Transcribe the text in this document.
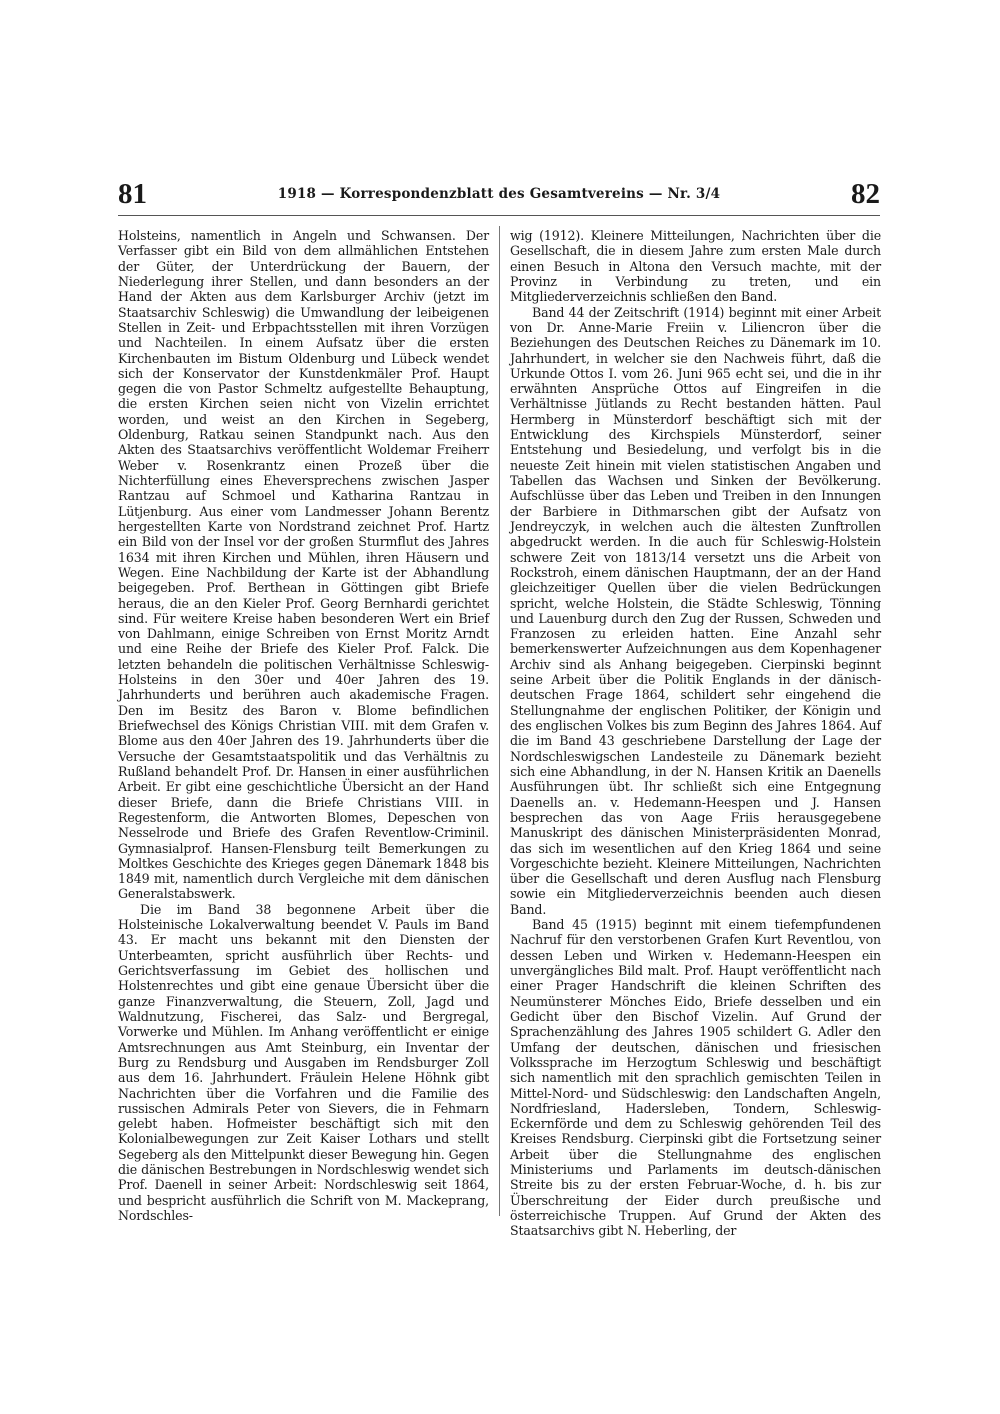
81	1918 — Korrespondenzblatt des Gesamtvereins — Nr. 3/4	82

Holsteins, namentlich in Angeln und Schwansen. Der Verfasser gibt ein Bild von dem allmählichen Entstehen der Güter, der Unterdrückung der Bauern, der Niederlegung ihrer Stellen, und dann besonders an der Hand der Akten aus dem Karlsburger Archiv (jetzt im Staatsarchiv Schleswig) die Umwandlung der leibeigenen Stellen in Zeit- und Erbpachtsstellen mit ihren Vorzügen und Nachteilen. In einem Aufsatz über die ersten Kirchenbauten im Bistum Oldenburg und Lübeck wendet sich der Konservator der Kunstdenkmäler Prof. Haupt gegen die von Pastor Schmeltz aufgestellte Behauptung, die ersten Kirchen seien nicht von Vizelin errichtet worden, und weist an den Kirchen in Segeberg, Oldenburg, Ratkau seinen Standpunkt nach. Aus den Akten des Staatsarchivs veröffentlicht Woldemar Freiherr Weber v. Rosenkrantz einen Prozeß über die Nichterfüllung eines Eheversprechens zwischen Jasper Rantzau auf Schmoel und Katharina Rantzau in Lütjenburg. Aus einer vom Landmesser Johann Berentz hergestellten Karte von Nordstrand zeichnet Prof. Hartz ein Bild von der Insel vor der großen Sturmflut des Jahres 1634 mit ihren Kirchen und Mühlen, ihren Häusern und Wegen. Eine Nachbildung der Karte ist der Abhandlung beigegeben. Prof. Berthean in Göttingen gibt Briefe heraus, die an den Kieler Prof. Georg Bernhardi gerichtet sind. Für weitere Kreise haben besonderen Wert ein Brief von Dahlmann, einige Schreiben von Ernst Moritz Arndt und eine Reihe der Briefe des Kieler Prof. Falck. Die letzten behandeln die politischen Verhältnisse Schleswig-Holsteins in den 30er und 40er Jahren des 19. Jahrhunderts und berühren auch akademische Fragen. Den im Besitz des Baron v. Blome befindlichen Briefwechsel des Königs Christian VIII. mit dem Grafen v. Blome aus den 40er Jahren des 19. Jahrhunderts über die Versuche der Gesamtstaatspolitik und das Verhältnis zu Rußland behandelt Prof. Dr. Hansen in einer ausführlichen Arbeit. Er gibt eine geschichtliche Übersicht an der Hand dieser Briefe, dann die Briefe Christians VIII. in Regestenform, die Antworten Blomes, Depeschen von Nesselrode und Briefe des Grafen Reventlow-Criminil. Gymnasialprof. Hansen-Flensburg teilt Bemerkungen zu Moltkes Geschichte des Krieges gegen Dänemark 1848 bis 1849 mit, namentlich durch Vergleiche mit dem dänischen Generalstabswerk.

Die im Band 38 begonnene Arbeit über die Holsteinische Lokalverwaltung beendet V. Pauls im Band 43. Er macht uns bekannt mit den Diensten der Unterbeamten, spricht ausführlich über Rechts- und Gerichtsverfassung im Gebiet des hollischen und Holstenrechtes und gibt eine genaue Übersicht über die ganze Finanzverwaltung, die Steuern, Zoll, Jagd und Waldnutzung, Fischerei, das Salz- und Bergregal, Vorwerke und Mühlen. Im Anhang veröffentlicht er einige Amtsrechnungen aus Amt Steinburg, ein Inventar der Burg zu Rendsburg und Ausgaben im Rendsburger Zoll aus dem 16. Jahrhundert. Fräulein Helene Höhnk gibt Nachrichten über die Vorfahren und die Familie des russischen Admirals Peter von Sievers, die in Fehmarn gelebt haben. Hofmeister beschäftigt sich mit den Kolonialbewegungen zur Zeit Kaiser Lothars und stellt Segeberg als den Mittelpunkt dieser Bewegung hin. Gegen die dänischen Bestrebungen in Nordschleswig wendet sich Prof. Daenell in seiner Arbeit: Nordschleswig seit 1864, und bespricht ausführlich die Schrift von M. Mackeprang, Nordschles-

wig (1912). Kleinere Mitteilungen, Nachrichten über die Gesellschaft, die in diesem Jahre zum ersten Male durch einen Besuch in Altona den Versuch machte, mit der Provinz in Verbindung zu treten, und ein Mitgliederverzeichnis schließen den Band.

Band 44 der Zeitschrift (1914) beginnt mit einer Arbeit von Dr. Anne-Marie Freiin v. Liliencron über die Beziehungen des Deutschen Reiches zu Dänemark im 10. Jahrhundert, in welcher sie den Nachweis führt, daß die Urkunde Ottos I. vom 26. Juni 965 echt sei, und die in ihr erwähnten Ansprüche Ottos auf Eingreifen in die Verhältnisse Jütlands zu Recht bestanden hätten. Paul Hermberg in Münsterdorf beschäftigt sich mit der Entwicklung des Kirchspiels Münsterdorf, seiner Entstehung und Besiedelung, und verfolgt bis in die neueste Zeit hinein mit vielen statistischen Angaben und Tabellen das Wachsen und Sinken der Bevölkerung. Aufschlüsse über das Leben und Treiben in den Innungen der Barbiere in Dithmarschen gibt der Aufsatz von Jendreyczyk, in welchen auch die ältesten Zunftrollen abgedruckt werden. In die auch für Schleswig-Holstein schwere Zeit von 1813/14 versetzt uns die Arbeit von Rockstroh, einem dänischen Hauptmann, der an der Hand gleichzeitiger Quellen über die vielen Bedrückungen spricht, welche Holstein, die Städte Schleswig, Tönning und Lauenburg durch den Zug der Russen, Schweden und Franzosen zu erleiden hatten. Eine Anzahl sehr bemerkenswerter Aufzeichnungen aus dem Kopenhagener Archiv sind als Anhang beigegeben. Cierpinski beginnt seine Arbeit über die Politik Englands in der dänisch-deutschen Frage 1864, schildert sehr eingehend die Stellungnahme der englischen Politiker, der Königin und des englischen Volkes bis zum Beginn des Jahres 1864. Auf die im Band 43 geschriebene Darstellung der Lage der Nordschleswigschen Landesteile zu Dänemark bezieht sich eine Abhandlung, in der N. Hansen Kritik an Daenells Ausführungen übt. Ihr schließt sich eine Entgegnung Daenells an. v. Hedemann-Heespen und J. Hansen besprechen das von Aage Friis herausgegebene Manuskript des dänischen Ministerpräsidenten Monrad, das sich im wesentlichen auf den Krieg 1864 und seine Vorgeschichte bezieht. Kleinere Mitteilungen, Nachrichten über die Gesellschaft und deren Ausflug nach Flensburg sowie ein Mitgliederverzeichnis beenden auch diesen Band.

Band 45 (1915) beginnt mit einem tiefempfundenen Nachruf für den verstorbenen Grafen Kurt Reventlou, von dessen Leben und Wirken v. Hedemann-Heespen ein unvergängliches Bild malt. Prof. Haupt veröffentlicht nach einer Prager Handschrift die kleinen Schriften des Neumünsterer Mönches Eido, Briefe desselben und ein Gedicht über den Bischof Vizelin. Auf Grund der Sprachenzählung des Jahres 1905 schildert G. Adler den Umfang der deutschen, dänischen und friesischen Volkssprache im Herzogtum Schleswig und beschäftigt sich namentlich mit den sprachlich gemischten Teilen in Mittel-Nord- und Südschleswig: den Landschaften Angeln, Nordfriesland, Hadersleben, Tondern, Schleswig-Eckernförde und dem zu Schleswig gehörenden Teil des Kreises Rendsburg. Cierpinski gibt die Fortsetzung seiner Arbeit über die Stellungnahme des englischen Ministeriums und Parlaments im deutsch-dänischen Streite bis zu der ersten Februar-Woche, d. h. bis zur Überschreitung der Eider durch preußische und österreichische Truppen. Auf Grund der Akten des Staatsarchivs gibt N. Heberling, der
